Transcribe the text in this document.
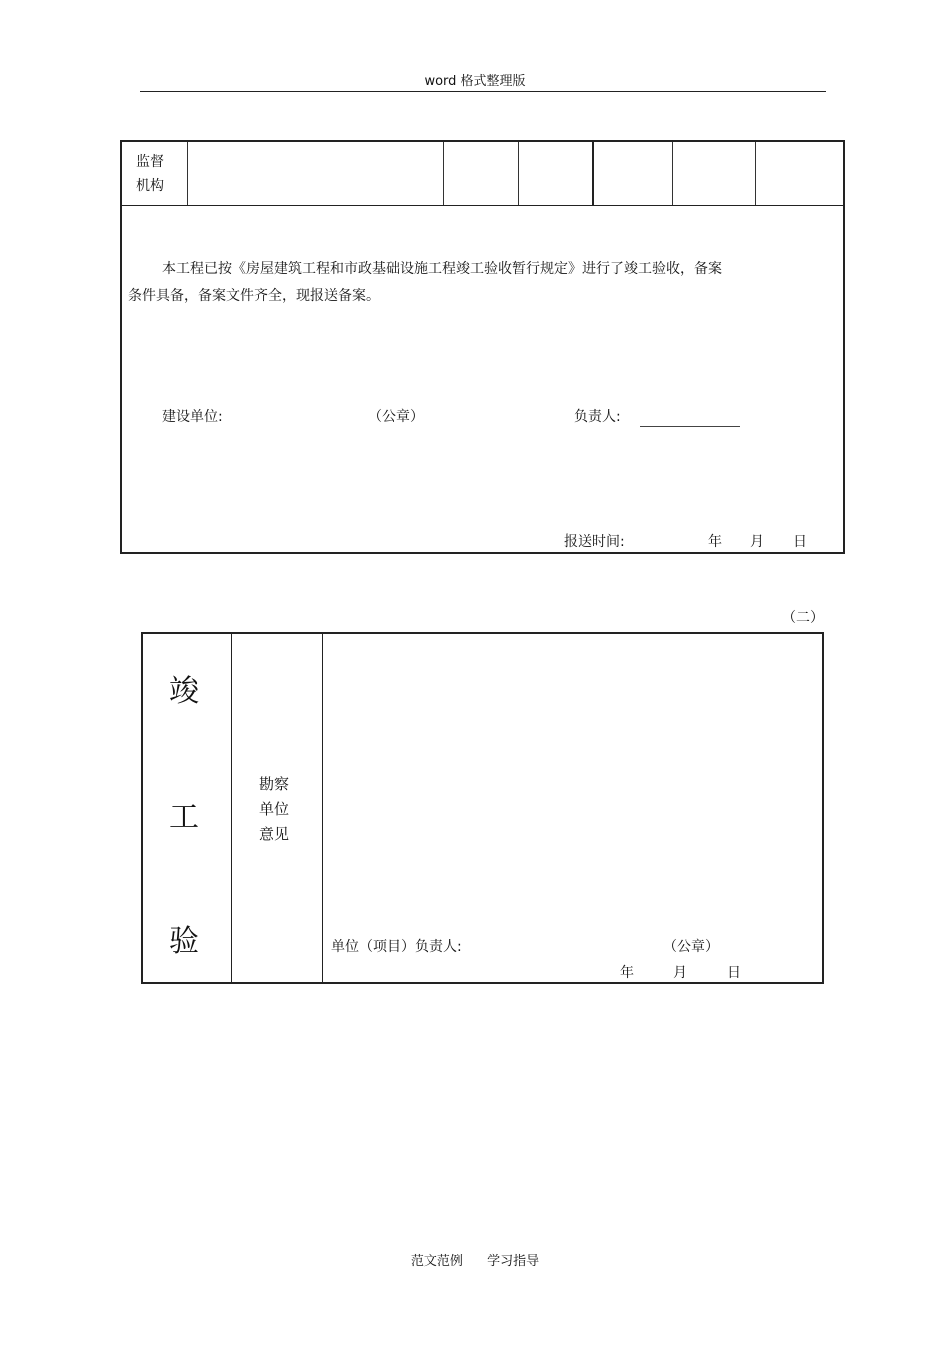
word 格式整理版
监督
机构
本工程已按《房屋建筑工程和市政基础设施工程竣工验收暂行规定》进行了竣工验收，备案
条件具备，备案文件齐全，现报送备案。
建设单位:	（公章）	负责人:
报送时间:	年 月 日
（二）
竣
工
验
勘察
单位
意见
单位（项目）负责人:	（公章）
年	月	日
范文范例 学习指导
